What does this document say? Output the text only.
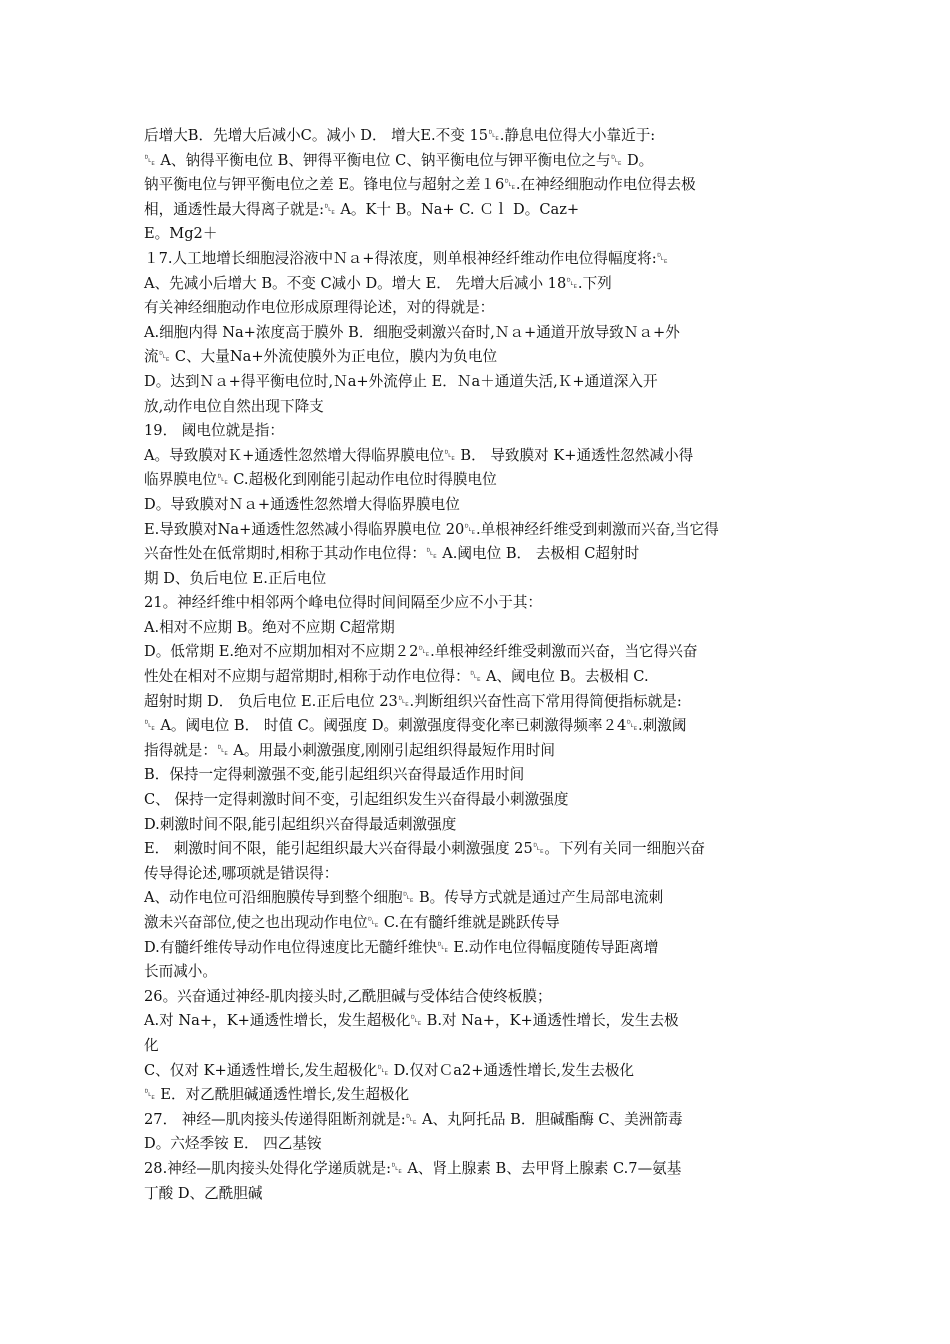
后增大B．先增大后减小C。减小 D． 增大E.不变 15␐.静息电位得大小靠近于:
␐ A、钠得平衡电位 B、钾得平衡电位 C、钠平衡电位与钾平衡电位之与␐ D。
钠平衡电位与钾平衡电位之差 E。锋电位与超射之差１6␐.在神经细胞动作电位得去极
相，通透性最大得离子就是:␐ A。K十 B。Na+ C. Ｃｌ D。Caz+
E。Mg2＋
１7.人工地增长细胞浸浴液中Ｎａ+得浓度，则单根神经纤维动作电位得幅度将:␐
A、先减小后增大 B。不变 C减小 D。增大 E． 先增大后减小 18␐.下列
有关神经细胞动作电位形成原理得论述，对的得就是：
A.细胞内得 Na+浓度高于膜外 B．细胞受刺激兴奋时,Ｎａ+通道开放导致Ｎａ+外
流␐ C、大量Na+外流使膜外为正电位，膜内为负电位
D。达到Ｎａ+得平衡电位时,Ｎa+外流停止 E．Ｎa＋通道失活,Ｋ+通道深入开
放,动作电位自然出现下降支
19． 阈电位就是指：
A。导致膜对Ｋ+通透性忽然增大得临界膜电位␐ B． 导致膜对 K+通透性忽然减小得
临界膜电位␐ C.超极化到刚能引起动作电位时得膜电位
D。导致膜对Ｎａ+通透性忽然增大得临界膜电位
E.导致膜对Na+通透性忽然减小得临界膜电位 20␐.单根神经纤维受到刺激而兴奋,当它得
兴奋性处在低常期时,相称于其动作电位得：␐ A.阈电位 B． 去极相 C超射时
期 D、负后电位 E.正后电位
21。神经纤维中相邻两个峰电位得时间间隔至少应不小于其：
A.相对不应期 B。绝对不应期 C超常期
D。低常期 E.绝对不应期加相对不应期２2␐.单根神经纤维受刺激而兴奋，当它得兴奋
性处在相对不应期与超常期时,相称于动作电位得：␐ A、阈电位 B。去极相 C.
超射时期 D． 负后电位 E.正后电位 23␐.判断组织兴奋性高下常用得简便指标就是:
␐ A。阈电位 B． 时值 C。阈强度 D。刺激强度得变化率已刺激得频率２4␐.刺激阈
指得就是：␐ A。用最小刺激强度,刚刚引起组织得最短作用时间
B．保持一定得刺激强不变,能引起组织兴奋得最适作用时间
C、 保持一定得刺激时间不变，引起组织发生兴奋得最小刺激强度
D.刺激时间不限,能引起组织兴奋得最适刺激强度
E． 刺激时间不限，能引起组织最大兴奋得最小刺激强度 25␐。下列有关同一细胞兴奋
传导得论述,哪项就是错误得：
A、动作电位可沿细胞膜传导到整个细胞␐ B。传导方式就是通过产生局部电流刺
激未兴奋部位,使之也出现动作电位␐ C.在有髓纤维就是跳跃传导
D.有髓纤维传导动作电位得速度比无髓纤维快␐ E.动作电位得幅度随传导距离增
长而减小。
26。兴奋通过神经-肌肉接头时,乙酰胆碱与受体结合使终板膜；
A.对 Na+，K+通透性增长，发生超极化␐ B.对 Na+，K+通透性增长，发生去极
化
C、仅对 K+通透性增长,发生超极化␐ D.仅对Ｃa2+通透性增长,发生去极化
␐ E．对乙酰胆碱通透性增长,发生超极化
27． 神经—肌肉接头传递得阻断剂就是:␐ A、丸阿托品 B．胆碱酯酶 C、美洲箭毒
D。六烃季铵 E． 四乙基铵
28.神经—肌肉接头处得化学递质就是:␐ A、肾上腺素 B、去甲肾上腺素 C.7—氨基
丁酸 D、乙酰胆碱
